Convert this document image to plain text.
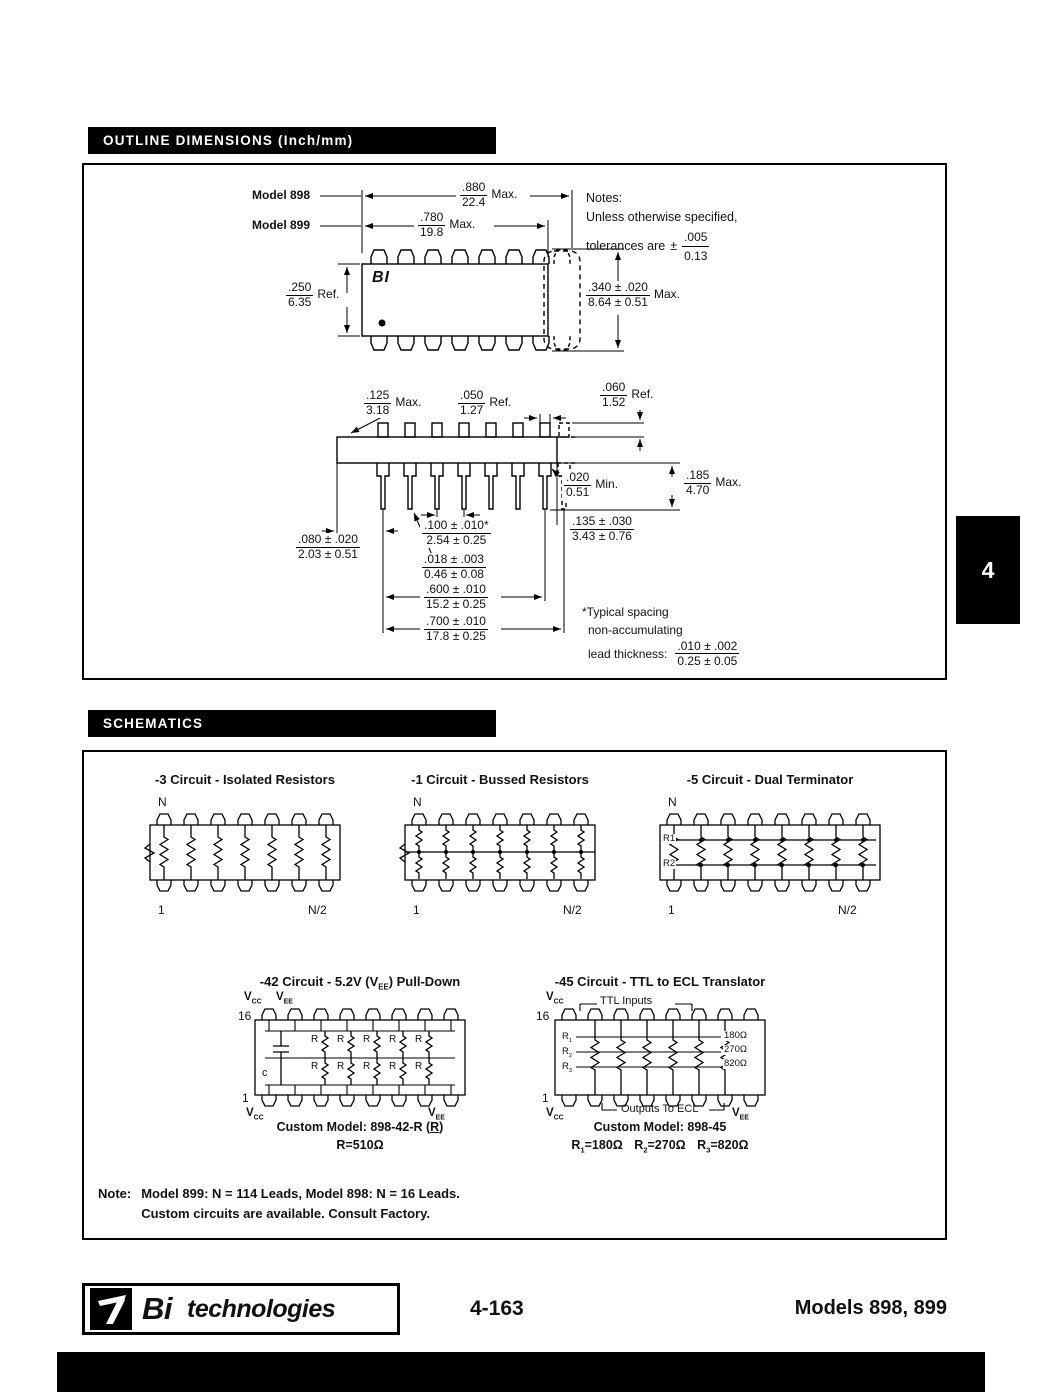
OUTLINE DIMENSIONS (Inch/mm)
Model 898
Model 899
BI
$\frac{.880}{22.4}$ Max.
$\frac{.780}{19.8}$ Max.
Notes:
Unless otherwise specified,
tolerances are ± $\frac{.005}{0.13}$
$\frac{.250}{6.35}$ Ref.	$\frac{.340 \pm .020}{8.64 \pm 0.51}$ Max.
$\frac{.125}{3.18}$ Max.	$\frac{.050}{1.27}$ Ref.	$\frac{.060}{1.52}$ Ref.
$\frac{.020}{0.51}$ Min.	$\frac{.185}{4.70}$ Max.
$\frac{.100 \pm .010*}{2.54 \pm 0.25}$
$\frac{.018 \pm .003}{0.46 \pm 0.08}$
$\frac{.080 \pm .020}{2.03 \pm 0.51}$
$\frac{.135 \pm .030}{3.43 \pm 0.76}$
$\frac{.600 \pm .010}{15.2 \pm 0.25}$
$\frac{.700 \pm .010}{17.8 \pm 0.25}$
*Typical spacing
non-accumulating
lead thickness: $\frac{.010 \pm .002}{0.25 \pm 0.05}$
4
SCHEMATICS
-3 Circuit - Isolated Resistors	-1 Circuit - Bussed Resistors	-5 Circuit - Dual Terminator
N
1	N/2
N
1	N/2
N
1	N/2
R1
R2
-42 Circuit - 5.2V $(V_{EE})$ Pull-Down
$V_{CC}$ $V_{EE}$
16
1
$V_{CC}$	$V_{EE}$
c
R R R R R
R R R R R
Custom Model: 898-42-R (R)
R=510Ω
-45 Circuit - TTL to ECL Translator
$V_{CC}$	TTL Inputs
16
$R_1$
$R_2$
$R_3$
180Ω
270Ω
820Ω
1
$V_{CC}$
Outputs To ECL	$V_{EE}$
Custom Model: 898-45
$R_1=180\Omega$ $R_2=270\Omega$ $R_3=820\Omega$
Note: Model 899: N = 114 Leads, Model 898: N = 16 Leads.
Custom circuits are available. Consult Factory.
Bi technologies	4-163	Models 898, 899
